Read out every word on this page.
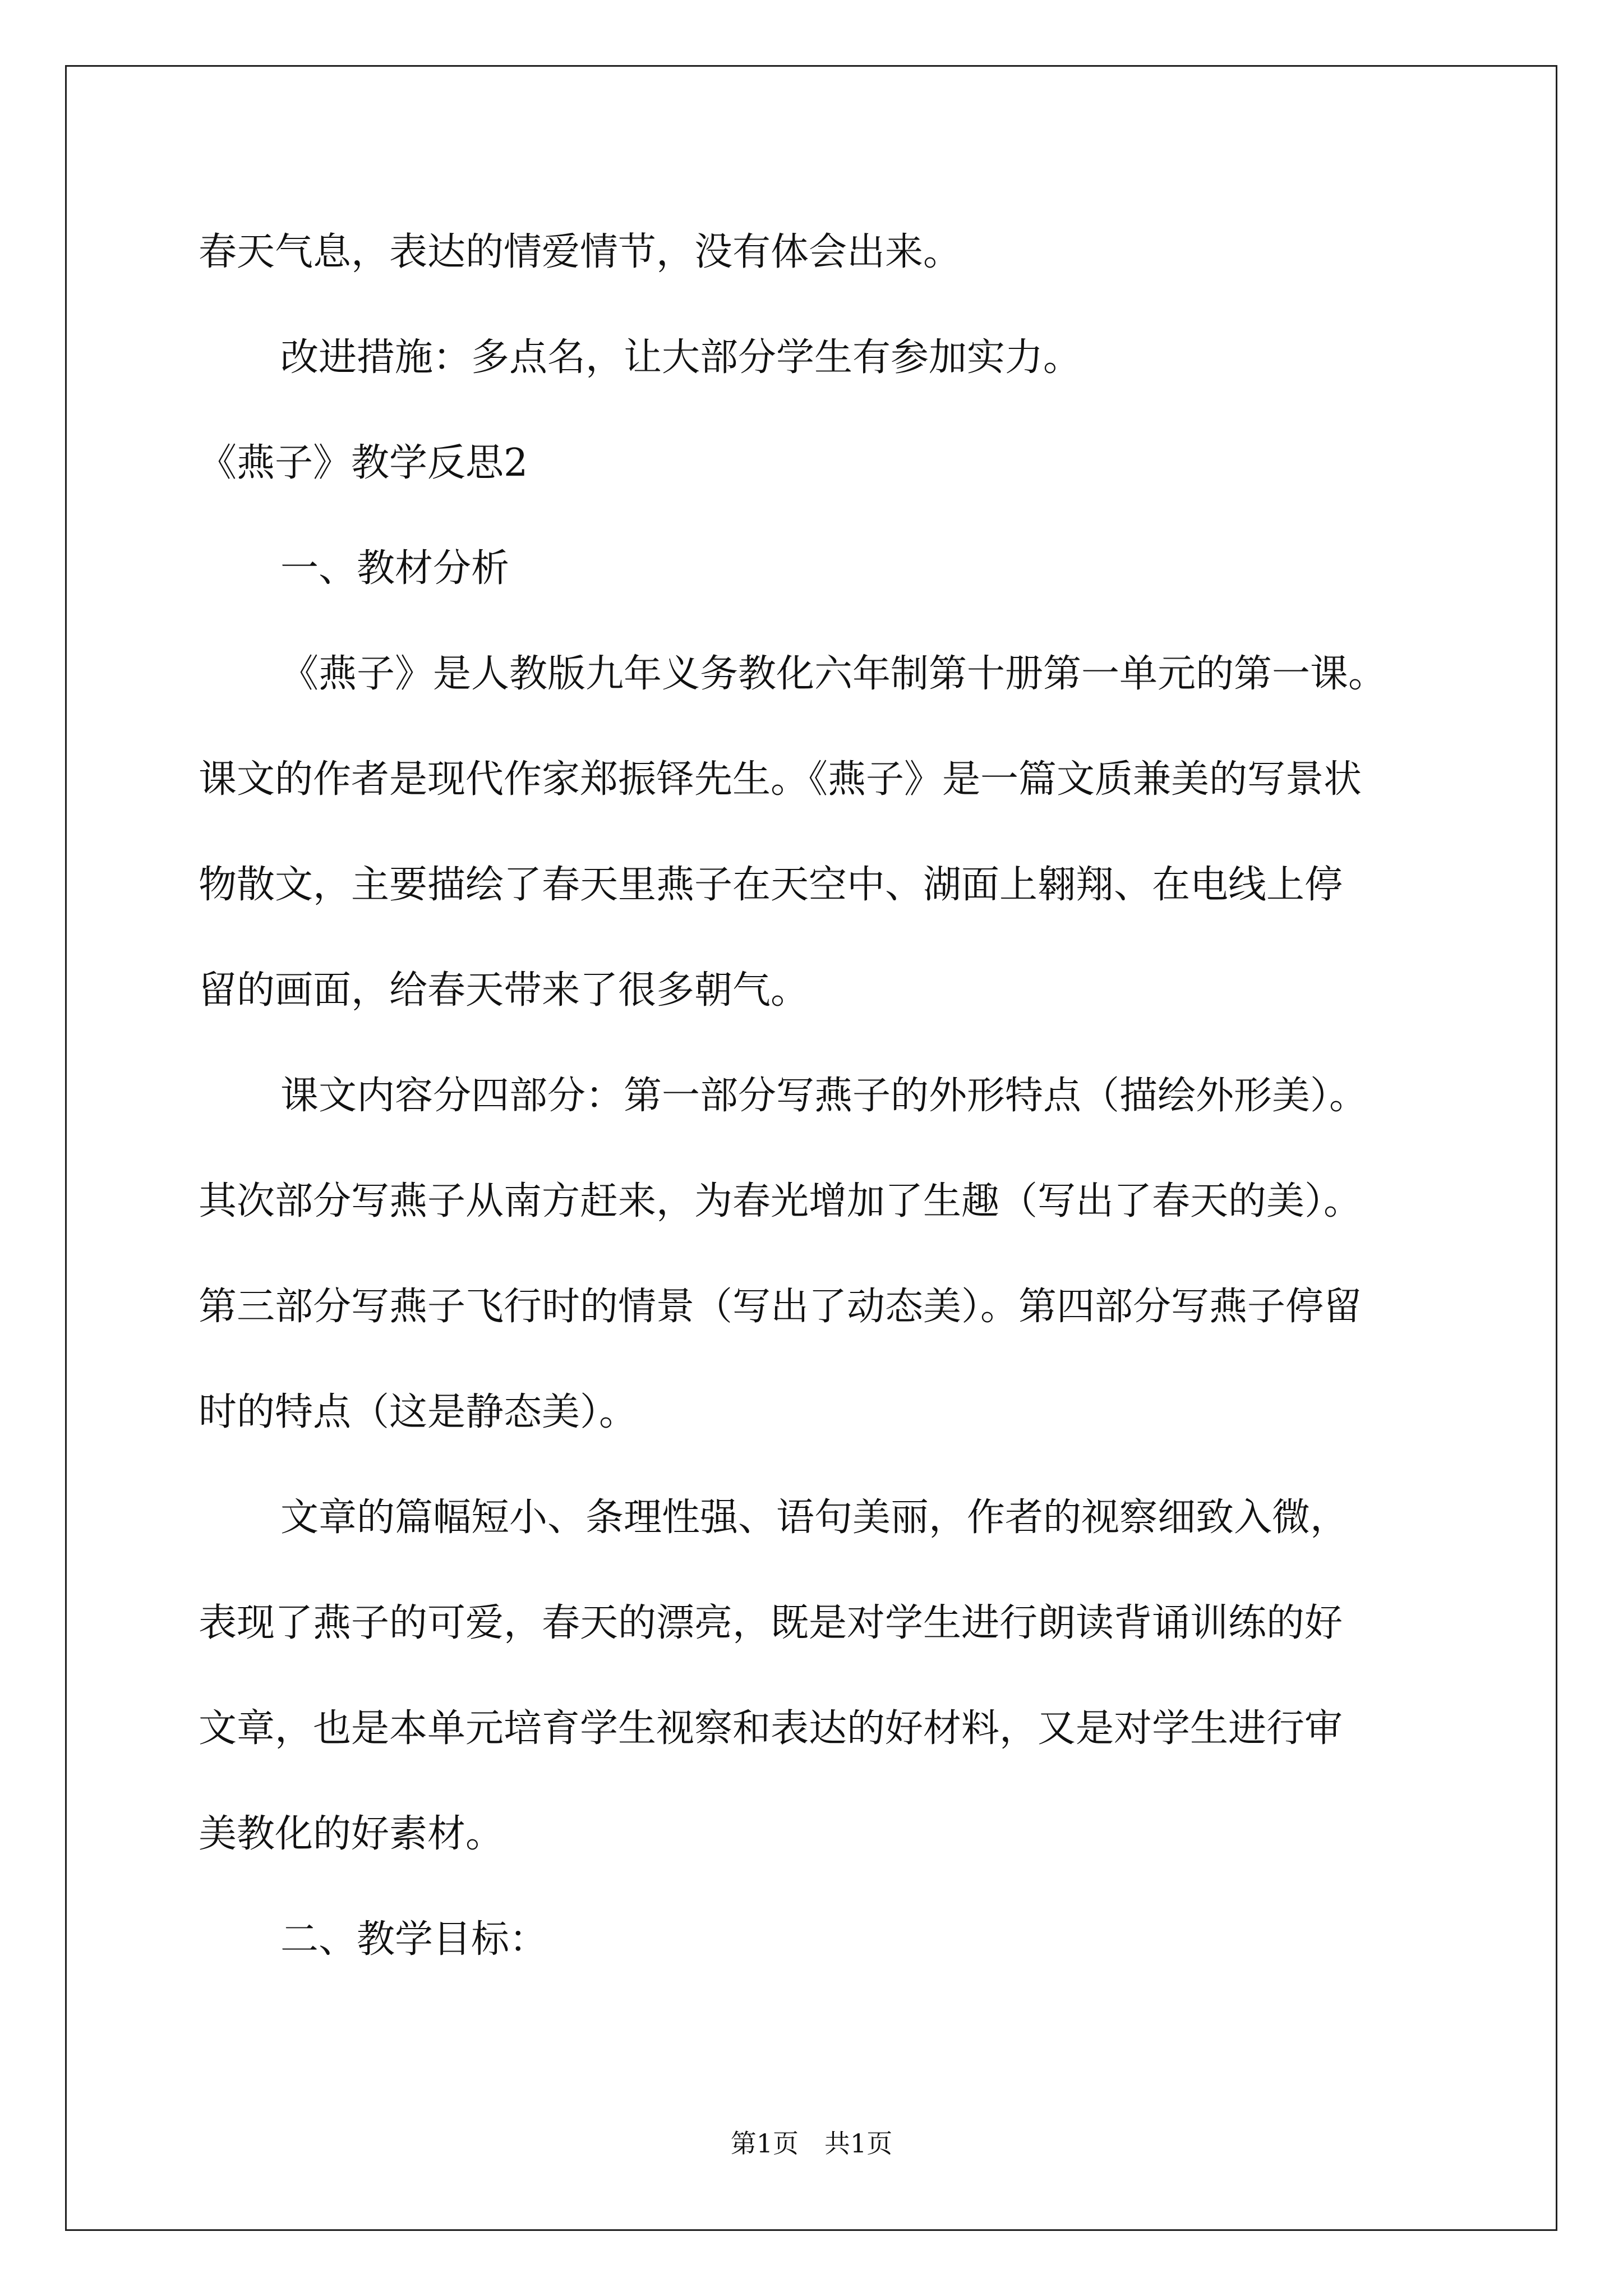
春天气息，表达的情爱情节，没有体会出来。
改进措施：多点名，让大部分学生有参加实力。
《燕子》教学反思2
一、教材分析
《燕子》是人教版九年义务教化六年制第十册第一单元的第一课。
课文的作者是现代作家郑振铎先生。《燕子》是一篇文质兼美的写景状
物散文，主要描绘了春天里燕子在天空中、湖面上翱翔、在电线上停
留的画面，给春天带来了很多朝气。
课文内容分四部分：第一部分写燕子的外形特点（描绘外形美）。
其次部分写燕子从南方赶来，为春光增加了生趣（写出了春天的美）。
第三部分写燕子飞行时的情景（写出了动态美）。第四部分写燕子停留
时的特点（这是静态美）。
文章的篇幅短小、条理性强、语句美丽，作者的视察细致入微，
表现了燕子的可爱，春天的漂亮，既是对学生进行朗读背诵训练的好
文章，也是本单元培育学生视察和表达的好材料，又是对学生进行审
美教化的好素材。
二、教学目标：
第1页　共1页
